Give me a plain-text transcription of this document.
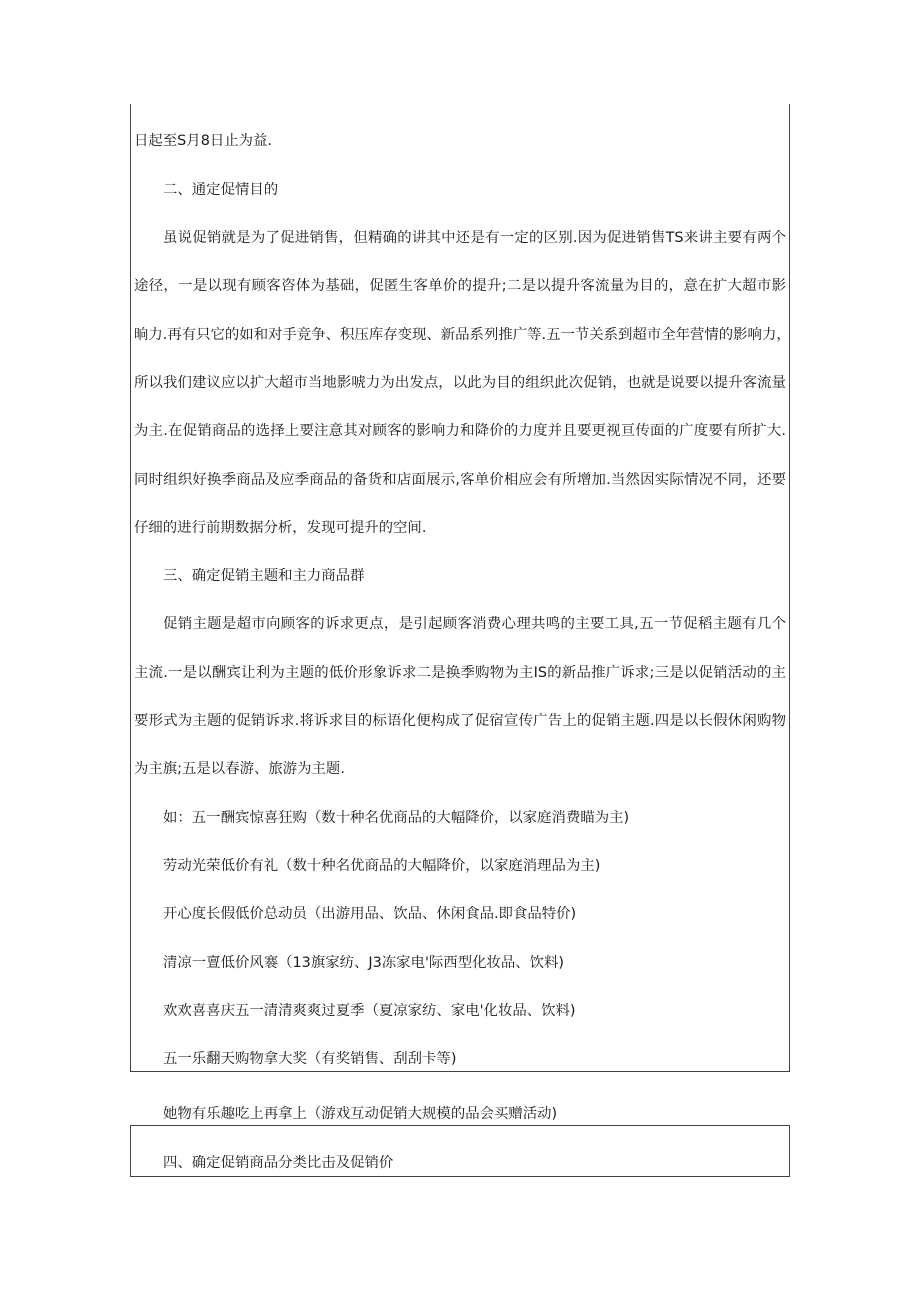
日起至S月8日止为益.
二、通定促情目的
虽说促销就是为了促进销售，但精确的讲其中还是有一定的区别.因为促进销售TS来讲主要有两个
途径，一是以现有顾客咨体为基础，促匿生客单价的提升;二是以提升客流量为目的，意在扩大超市影
晌力.再有只它的如和对手竞争、积压库存变现、新品系列推广等.五一节关系到超市全年营情的影响力，
所以我们建议应以扩大超市当地影唬力为出发点，以此为目的组织此次促销，也就是说要以提升客流量
为主.在促销商品的选择上要注意其对顾客的影响力和降价的力度并且要更视亘传面的广度要有所扩大.
同时组织好换季商品及应季商品的备货和店面展示,客单价相应会有所增加.当然因实际情况不同，还要
仔细的进行前期数据分析，发现可提升的空间.
三、确定促销主题和主力商品群
促销主题是超市向顾客的诉求更点，是引起顾客消费心理共鸣的主要工具,五一节促稻主题有几个
主流.一是以酬宾让利为主题的低价形象诉求二是换季购物为主IS的新品推广诉求;三是以促销活动的主
要形式为主题的促销诉求.将诉求目的标语化便构成了促宿宣传广告上的促销主题.四是以长假休闲购物
为主旗;五是以春游、旅游为主题.
如：五一酬宾惊喜狂购（数十种名优商品的大幅降价，以家庭消费瞄为主)
劳动光荣低价有礼（数十种名优商品的大幅降价，以家庭消理品为主)
开心度长假低价总动员（出游用品、饮品、休闲食品.即食品特价)
清凉一亶低价风褰（13旗家纺、J3冻家电'际西型化妆品、饮料)
欢欢喜喜庆五一清清爽爽过夏季（夏凉家纺、家电'化妆品、饮料)
五一乐翻天购物拿大奖（有奖销售、刮刮卡等)
她物有乐趣吃上再拿上（游戏互动促销大规模的品会买赠活动)
四、确定促销商品分类比击及促销价
